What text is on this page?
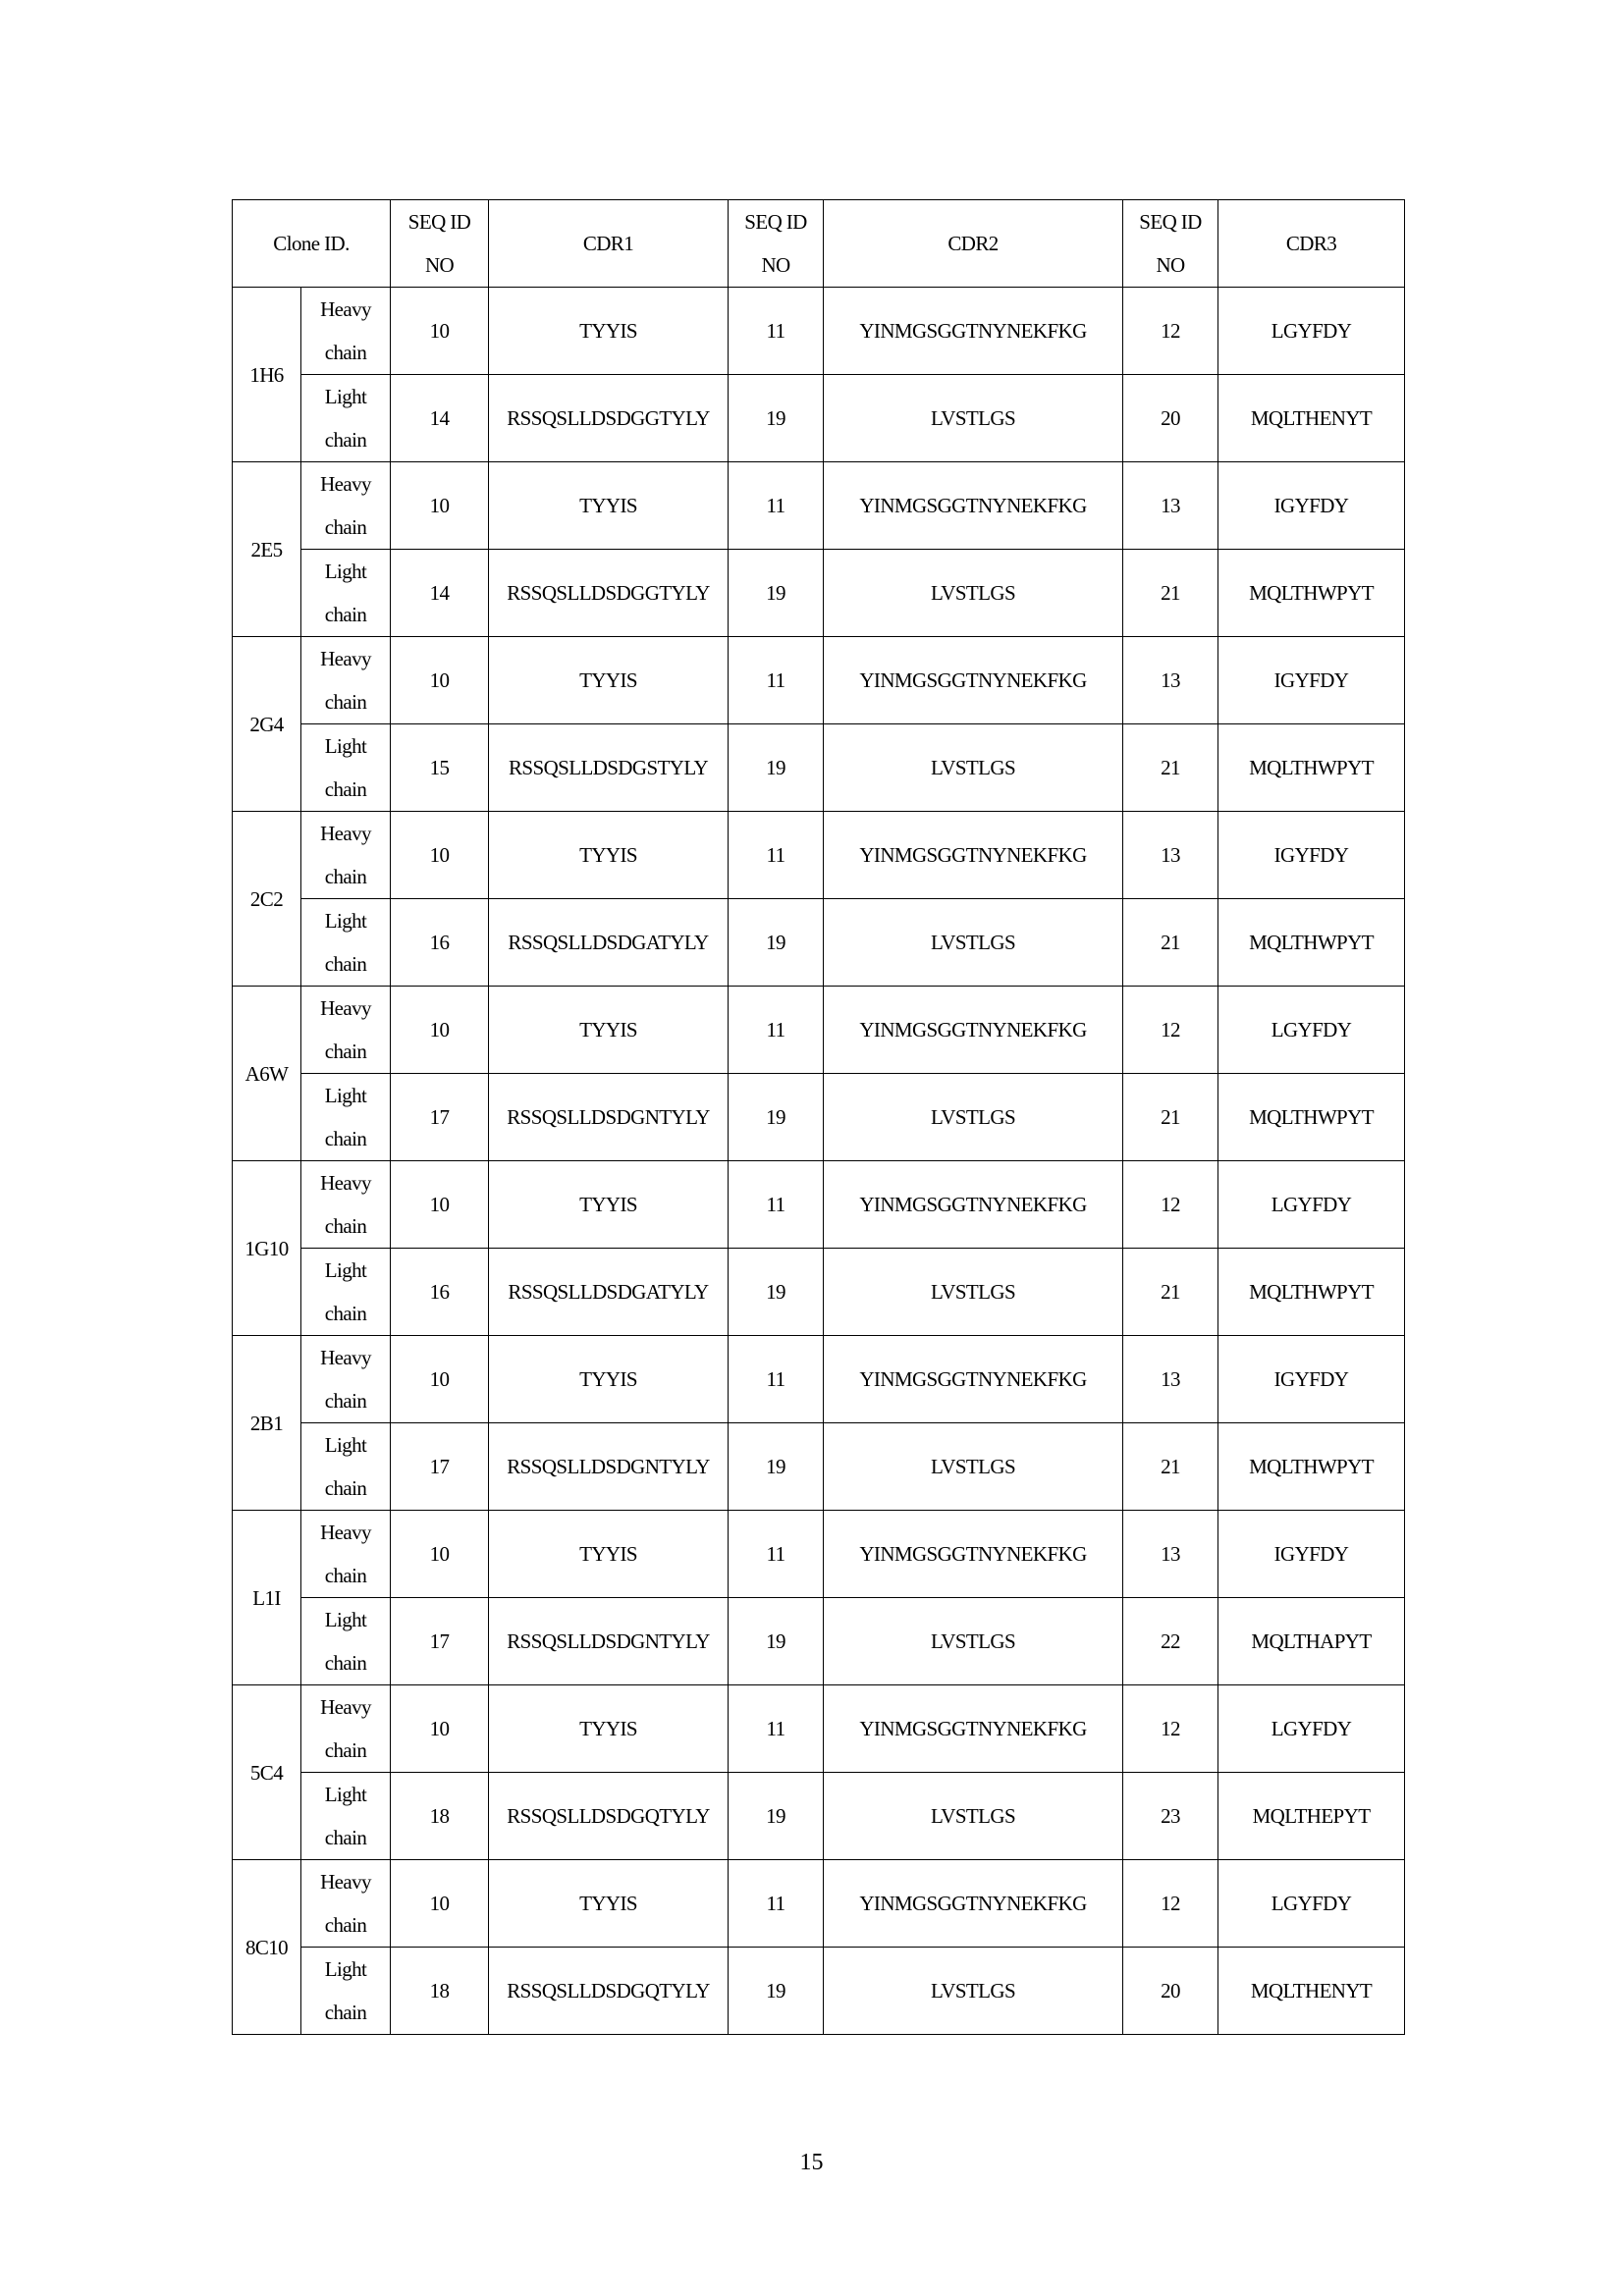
Clone ID.		SEQ ID NO	CDR1	SEQ ID NO	CDR2	SEQ ID NO	CDR3
1H6	Heavy chain	10	TYYIS	11	YINMGSGGTNYNEKFKG	12	LGYFDY
	Light chain	14	RSSQSLLDSDGGTYLY	19	LVSTLGS	20	MQLTHENYT
2E5	Heavy chain	10	TYYIS	11	YINMGSGGTNYNEKFKG	13	IGYFDY
	Light chain	14	RSSQSLLDSDGGTYLY	19	LVSTLGS	21	MQLTHWPYT
2G4	Heavy chain	10	TYYIS	11	YINMGSGGTNYNEKFKG	13	IGYFDY
	Light chain	15	RSSQSLLDSDGSTYLY	19	LVSTLGS	21	MQLTHWPYT
2C2	Heavy chain	10	TYYIS	11	YINMGSGGTNYNEKFKG	13	IGYFDY
	Light chain	16	RSSQSLLDSDGATYLY	19	LVSTLGS	21	MQLTHWPYT
A6W	Heavy chain	10	TYYIS	11	YINMGSGGTNYNEKFKG	12	LGYFDY
	Light chain	17	RSSQSLLDSDGNTYLY	19	LVSTLGS	21	MQLTHWPYT
1G10	Heavy chain	10	TYYIS	11	YINMGSGGTNYNEKFKG	12	LGYFDY
	Light chain	16	RSSQSLLDSDGATYLY	19	LVSTLGS	21	MQLTHWPYT
2B1	Heavy chain	10	TYYIS	11	YINMGSGGTNYNEKFKG	13	IGYFDY
	Light chain	17	RSSQSLLDSDGNTYLY	19	LVSTLGS	21	MQLTHWPYT
L1I	Heavy chain	10	TYYIS	11	YINMGSGGTNYNEKFKG	13	IGYFDY
	Light chain	17	RSSQSLLDSDGNTYLY	19	LVSTLGS	22	MQLTHAPYT
5C4	Heavy chain	10	TYYIS	11	YINMGSGGTNYNEKFKG	12	LGYFDY
	Light chain	18	RSSQSLLDSDGQTYLY	19	LVSTLGS	23	MQLTHEPYT
8C10	Heavy chain	10	TYYIS	11	YINMGSGGTNYNEKFKG	12	LGYFDY
	Light chain	18	RSSQSLLDSDGQTYLY	19	LVSTLGS	20	MQLTHENYT
15
